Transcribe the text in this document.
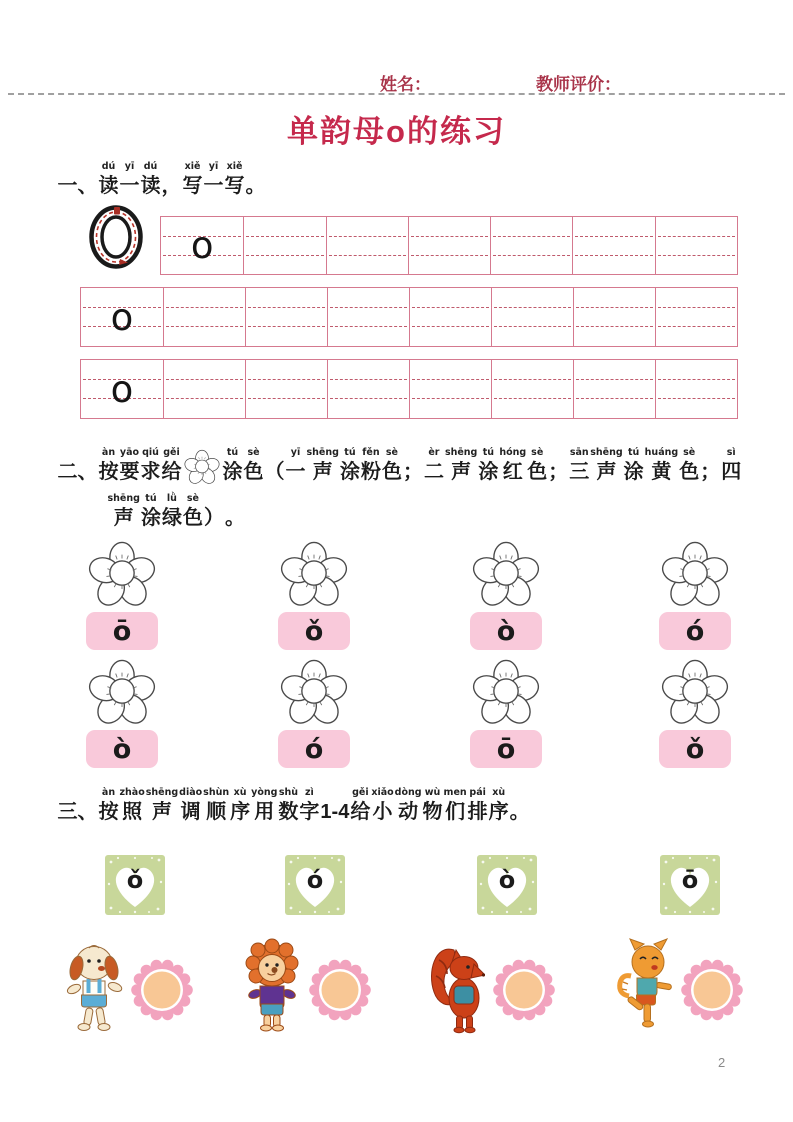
姓名：	教师评价：
单韵母o的练习

一、
dú
读
yī
一
dú
读
，
xiě
写
yī
一
xiě
写
。
o
o
o

二、
àn
按
yāo
要
qiú
求
gěi
给
tú
涂
sè
色
（
yī
一
shēng
声
tú
涂
fěn
粉
sè
色
；
èr
二
shēng
声
tú
涂
hóng
红
sè
色
；
sān
三
shēng
声
tú
涂
huáng
黄
sè
色
；
sì
四
shēng
声
tú
涂
lǜ
绿
sè
色
）
。
ō	ǒ	ò	ó
ò	ó	ō	ǒ

三、
àn
按
zhào
照
shēng
声
diào
调
shùn
顺
xù
序
yòng
用
shù
数
zì
字
1-4
gěi
给
xiǎo
小
dòng
动
wù
物
men
们
pái
排
xù
序
。
ǒ	ó	ò	ō
2
